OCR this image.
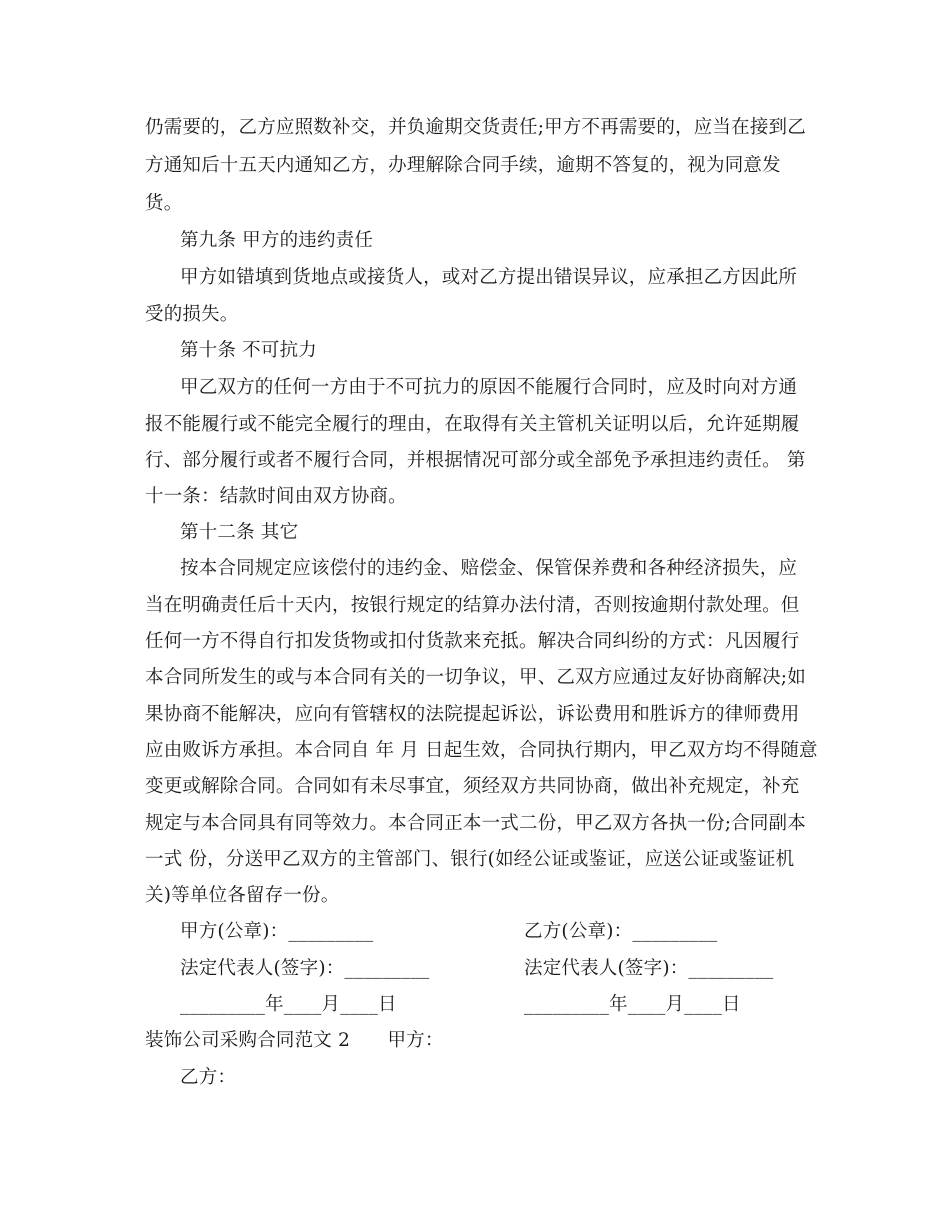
仍需要的，乙方应照数补交，并负逾期交货责任;甲方不再需要的，应当在接到乙
方通知后十五天内通知乙方，办理解除合同手续，逾期不答复的，视为同意发
货。
第九条 甲方的违约责任
甲方如错填到货地点或接货人，或对乙方提出错误异议，应承担乙方因此所
受的损失。
第十条 不可抗力
甲乙双方的任何一方由于不可抗力的原因不能履行合同时，应及时向对方通
报不能履行或不能完全履行的理由，在取得有关主管机关证明以后，允许延期履
行、部分履行或者不履行合同，并根据情况可部分或全部免予承担违约责任。 第
十一条：结款时间由双方协商。
第十二条 其它
按本合同规定应该偿付的违约金、赔偿金、保管保养费和各种经济损失，应
当在明确责任后十天内，按银行规定的结算办法付清，否则按逾期付款处理。但
任何一方不得自行扣发货物或扣付货款来充抵。解决合同纠纷的方式：凡因履行
本合同所发生的或与本合同有关的一切争议，甲、乙双方应通过友好协商解决;如
果协商不能解决，应向有管辖权的法院提起诉讼，诉讼费用和胜诉方的律师费用
应由败诉方承担。本合同自 年 月 日起生效，合同执行期内，甲乙双方均不得随意
变更或解除合同。合同如有未尽事宜，须经双方共同协商，做出补充规定，补充
规定与本合同具有同等效力。本合同正本一式二份，甲乙双方各执一份;合同副本
一式 份，分送甲乙双方的主管部门、银行(如经公证或鉴证，应送公证或鉴证机
关)等单位各留存一份。
甲方(公章)：_________	乙方(公章)：_________
法定代表人(签字)：_________	法定代表人(签字)：_________
_________年____月____日	_________年____月____日
装饰公司采购合同范文 2　　甲方：
乙方：
